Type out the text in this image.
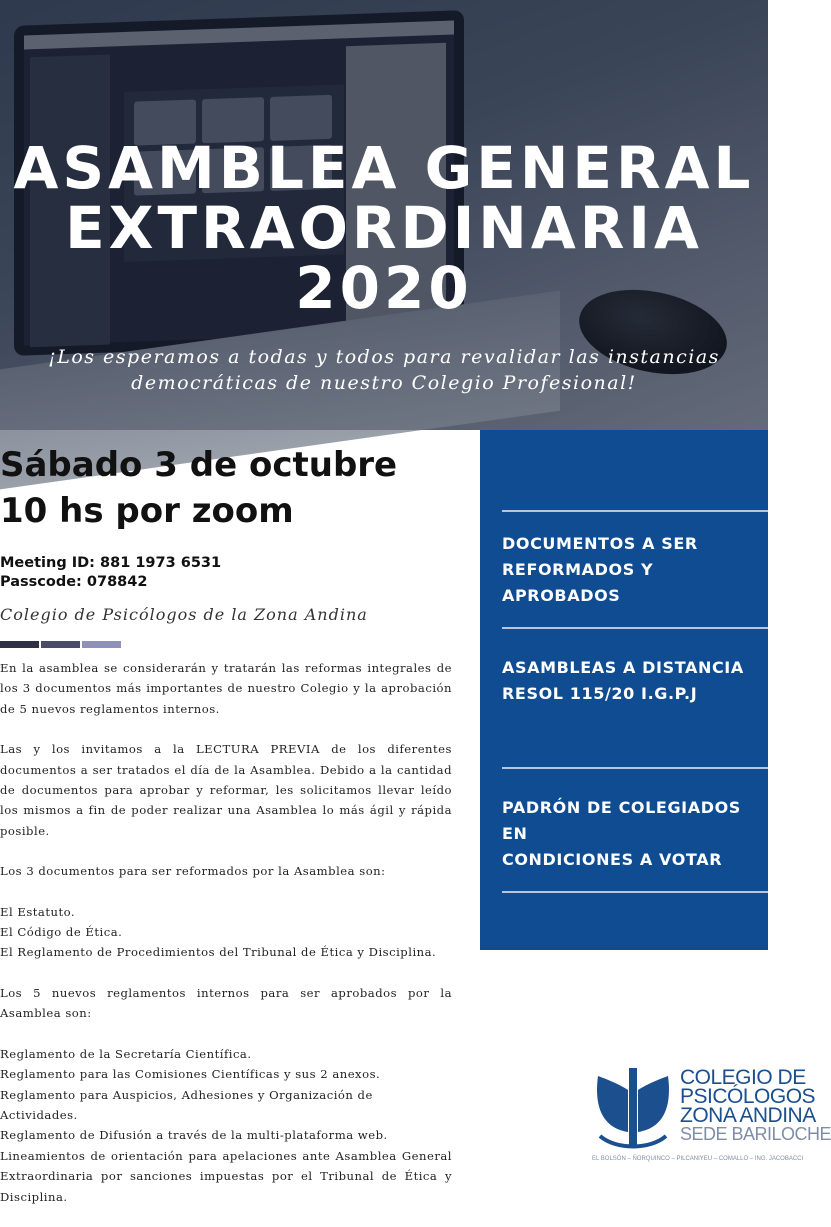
ASAMBLEA GENERAL
EXTRAORDINARIA
2020
¡Los esperamos a todas y todos para revalidar las instancias
democráticas de nuestro Colegio Profesional!
Sábado 3 de octubre
10 hs por zoom
Meeting ID: 881 1973 6531
Passcode: 078842
Colegio de Psicólogos de la Zona Andina

En la asamblea se considerarán y tratarán las reformas integrales de los 3 documentos más importantes de nuestro Colegio y la aprobación de 5 nuevos reglamentos internos.

Las y los invitamos a la LECTURA PREVIA de los diferentes documentos a ser tratados el día de la Asamblea. Debido a la cantidad de documentos para aprobar y reformar, les solicitamos llevar leído los mismos a fin de poder realizar una Asamblea lo más ágil y rápida posible.

Los 3 documentos para ser reformados por la Asamblea son:

El Estatuto.
El Código de Ética.
El Reglamento de Procedimientos del Tribunal de Ética y Disciplina.

Los 5 nuevos reglamentos internos para ser aprobados por la Asamblea son:

Reglamento de la Secretaría Científica.
Reglamento para las Comisiones Científicas y sus 2 anexos.
Reglamento para Auspicios, Adhesiones y Organización de Actividades.
Reglamento de Difusión a través de la multi-plataforma web.
Lineamientos de orientación para apelaciones ante Asamblea General Extraordinaria por sanciones impuestas por el Tribunal de Ética y Disciplina.
DOCUMENTOS A SER
REFORMADOS Y
APROBADOS
ASAMBLEAS A DISTANCIA
RESOL 115/20 I.G.P.J
PADRÓN DE COLEGIADOS EN
CONDICIONES A VOTAR
COLEGIO DE
PSICÓLOGOS
ZONA ANDINA
SEDE BARILOCHE
EL BOLSÓN – ÑORQUINCO – PILCANIYEU – COMALLO – ING. JACOBACCI
